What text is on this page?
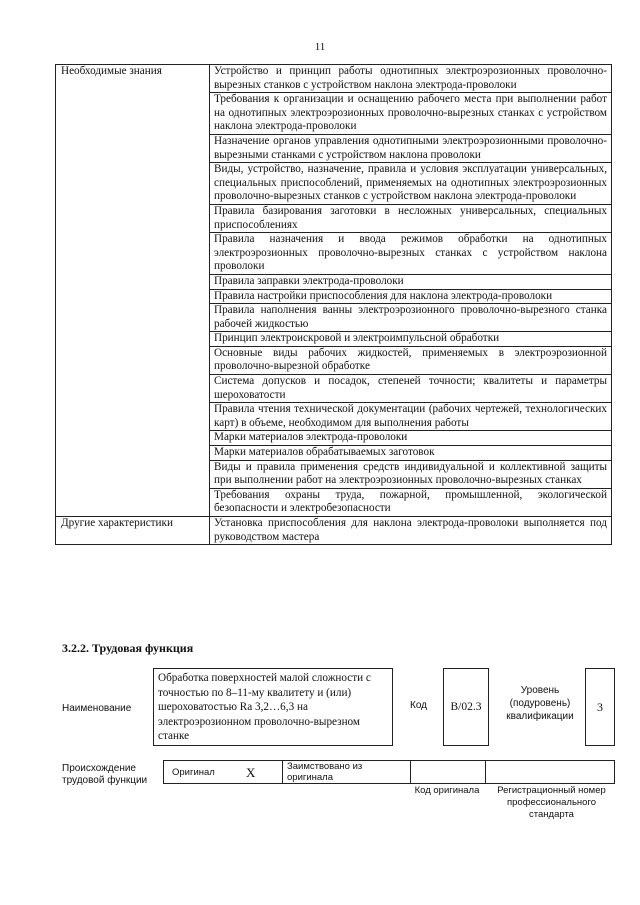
11
Необходимые знания	Устройство и принцип работы однотипных электроэрозионных проволочно-вырезных станков с устройством наклона электрода-проволоки
	Требования к организации и оснащению рабочего места при выполнении работ на однотипных электроэрозионных проволочно-вырезных станках с устройством наклона электрода-проволоки
	Назначение органов управления однотипными электроэрозионными проволочно-вырезными станками с устройством наклона проволоки
	Виды, устройство, назначение, правила и условия эксплуатации универсальных, специальных приспособлений, применяемых на однотипных электроэрозионных проволочно-вырезных станков с устройством наклона электрода-проволоки
	Правила базирования заготовки в несложных универсальных, специальных приспособлениях
	Правила назначения и ввода режимов обработки на однотипных электроэрозионных проволочно-вырезных станках с устройством наклона проволоки
	Правила заправки электрода-проволоки
	Правила настройки приспособления для наклона электрода-проволоки
	Правила наполнения ванны электроэрозионного проволочно-вырезного станка рабочей жидкостью
	Принцип электроискровой и электроимпульсной обработки
	Основные виды рабочих жидкостей, применяемых в электроэрозионной проволочно-вырезной обработке
	Система допусков и посадок, степеней точности; квалитеты и параметры шероховатости
	Правила чтения технической документации (рабочих чертежей, технологических карт) в объеме, необходимом для выполнения работы
	Марки материалов электрода-проволоки
	Марки материалов обрабатываемых заготовок
	Виды и правила применения средств индивидуальной и коллективной защиты при выполнении работ на электроэрозионных проволочно-вырезных станках
	Требования охраны труда, пожарной, промышленной, экологической безопасности и электробезопасности
Другие характеристики	Установка приспособления для наклона электрода-проволоки выполняется под руководством мастера
3.2.2. Трудовая функция
Наименование
Обработка поверхностей малой сложности с точностью по 8–11-му квалитету и (или) шероховатостью Ra 3,2…6,3 на электроэрозионном проволочно-вырезном станке
Код	B/02.3
Уровень (подуровень) квалификации
3
Происхождение трудовой функции
Оригинал X	Заимствовано из оригинала
Код оригинала	Регистрационный номер профессионального стандарта
